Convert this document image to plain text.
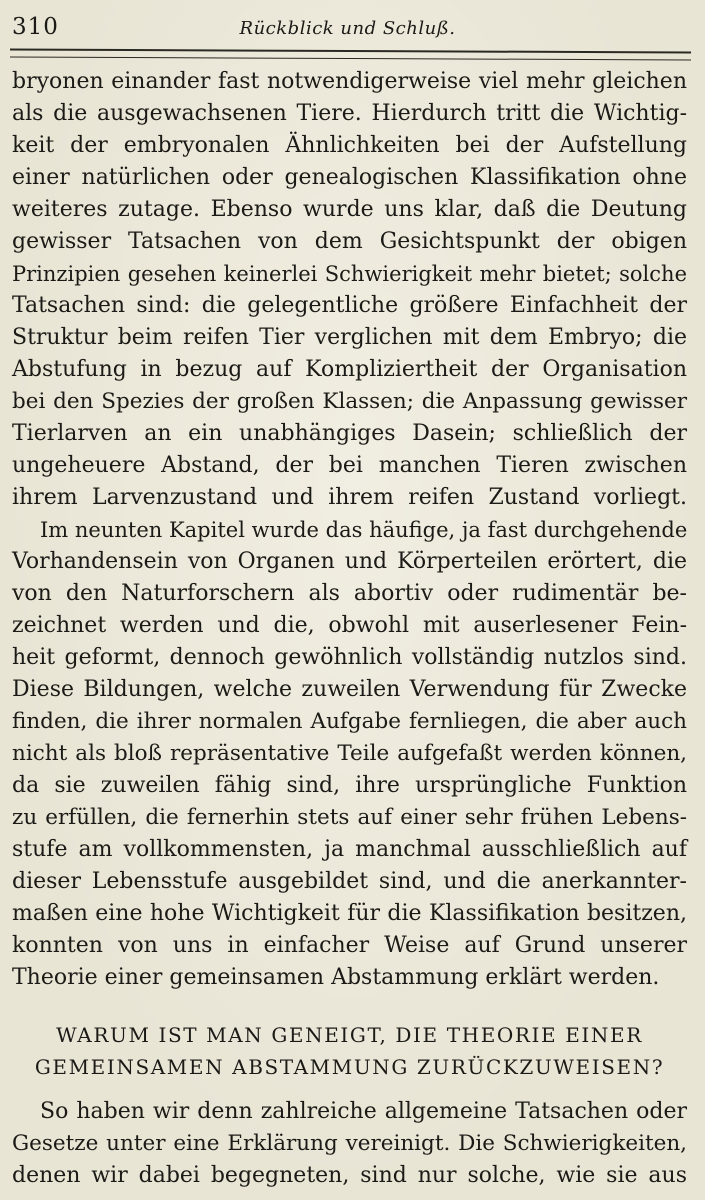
310	Rückblick und Schluß.
bryonen einander fast notwendigerweise viel mehr gleichen
als die ausgewachsenen Tiere. Hierdurch tritt die Wichtig-
keit der embryonalen Ähnlichkeiten bei der Aufstellung
einer natürlichen oder genealogischen Klassifikation ohne
weiteres zutage. Ebenso wurde uns klar, daß die Deutung
gewisser Tatsachen von dem Gesichtspunkt der obigen
Prinzipien gesehen keinerlei Schwierigkeit mehr bietet; solche
Tatsachen sind: die gelegentliche größere Einfachheit der
Struktur beim reifen Tier verglichen mit dem Embryo; die
Abstufung in bezug auf Kompliziertheit der Organisation
bei den Spezies der großen Klassen; die Anpassung gewisser
Tierlarven an ein unabhängiges Dasein; schließlich der
ungeheuere Abstand, der bei manchen Tieren zwischen
ihrem Larvenzustand und ihrem reifen Zustand vorliegt.
Im neunten Kapitel wurde das häufige, ja fast durchgehende
Vorhandensein von Organen und Körperteilen erörtert, die
von den Naturforschern als abortiv oder rudimentär be-
zeichnet werden und die, obwohl mit auserlesener Fein-
heit geformt, dennoch gewöhnlich vollständig nutzlos sind.
Diese Bildungen, welche zuweilen Verwendung für Zwecke
finden, die ihrer normalen Aufgabe fernliegen, die aber auch
nicht als bloß repräsentative Teile aufgefaßt werden können,
da sie zuweilen fähig sind, ihre ursprüngliche Funktion
zu erfüllen, die fernerhin stets auf einer sehr frühen Lebens-
stufe am vollkommensten, ja manchmal ausschließlich auf
dieser Lebensstufe ausgebildet sind, und die anerkannter-
maßen eine hohe Wichtigkeit für die Klassifikation besitzen,
konnten von uns in einfacher Weise auf Grund unserer
Theorie einer gemeinsamen Abstammung erklärt werden.
WARUM IST MAN GENEIGT, DIE THEORIE EINER
GEMEINSAMEN ABSTAMMUNG ZURÜCKZUWEISEN?
So haben wir denn zahlreiche allgemeine Tatsachen oder
Gesetze unter eine Erklärung vereinigt. Die Schwierigkeiten,
denen wir dabei begegneten, sind nur solche, wie sie aus
